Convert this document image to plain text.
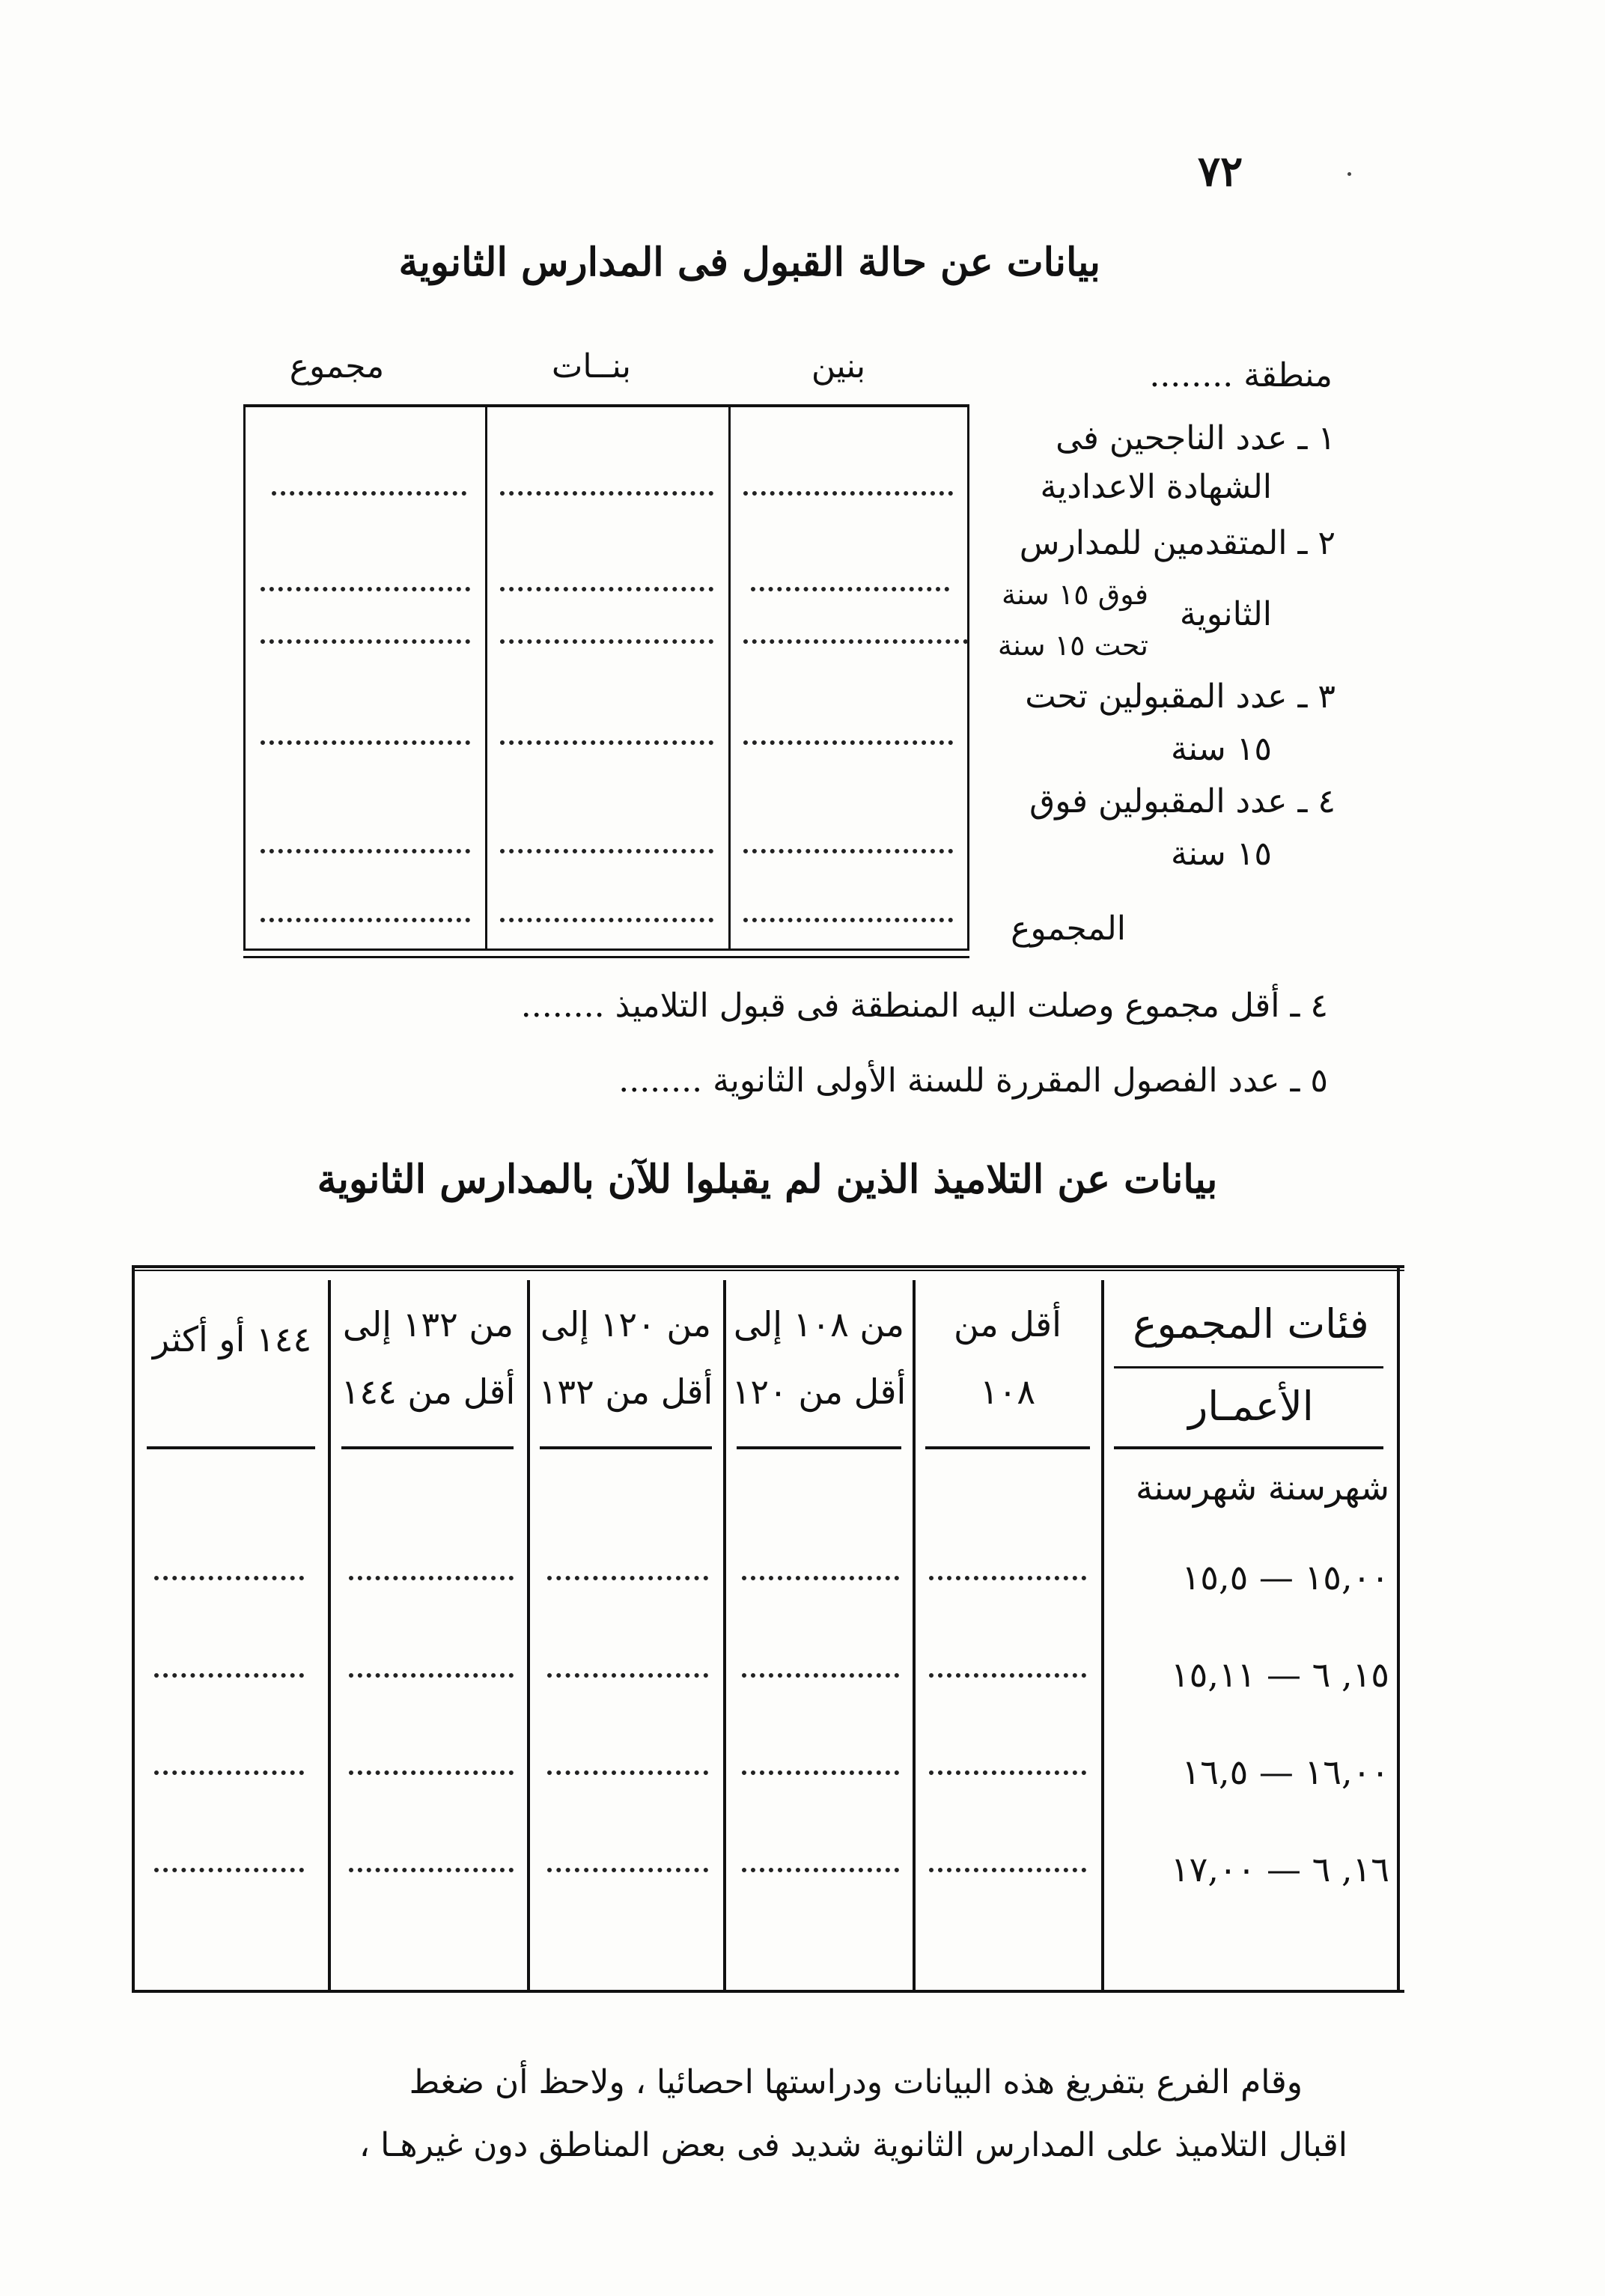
٧٢
بيانات عن حالة القبول فى المدارس الثانوية
بنين
بنــات
مجموع	منطقة ........
١ ـ عدد الناجحين فى
الشهادة الاعدادية
٢ ـ المتقدمين للمدارس
الثانوية
فوق ١٥ سنة
تحت ١٥ سنة
٣ ـ عدد المقبولين تحت
١٥ سنة
٤ ـ عدد المقبولين فوق
١٥ سنة
المجموع
٤ ـ أقل مجموع وصلت اليه المنطقة فى قبول التلاميذ ........
٥ ـ عدد الفصول المقررة للسنة الأولى الثانوية ........
بيانات عن التلاميذ الذين لم يقبلوا للآن بالمدارس الثانوية
فئات المجموع
الأعمـار
أقل من
١٠٨
من ١٠٨ إلى
أقل من ١٢٠
من ١٢٠ إلى
أقل من ١٣٢
من ١٣٢ إلى
أقل من ١٤٤
١٤٤ أو أكثر
شهرسنة شهرسنة
١٥,٠٠ — ١٥,٥
١٥, ٦ — ١٥,١١
١٦,٠٠ — ١٦,٥
١٦, ٦ — ١٧,٠٠

وقام الفرع بتفريغ هذه البيانات ودراستها احصائيا ، ولاحظ أن ضغط

اقبال التلاميذ على المدارس الثانوية شديد فى بعض المناطق دون غيرهـا ،
